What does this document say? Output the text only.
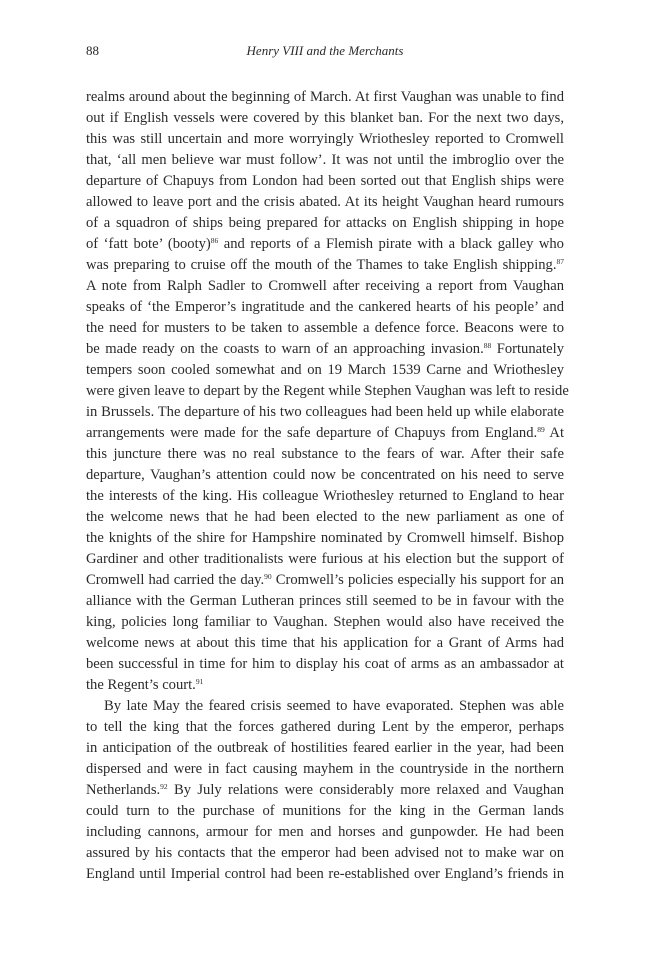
88	Henry VIII and the Merchants
realms around about the beginning of March. At first Vaughan was unable to find
out if English vessels were covered by this blanket ban. For the next two days,
this was still uncertain and more worryingly Wriothesley reported to Cromwell
that, ‘all men believe war must follow’. It was not until the imbroglio over the
departure of Chapuys from London had been sorted out that English ships were
allowed to leave port and the crisis abated. At its height Vaughan heard rumours
of a squadron of ships being prepared for attacks on English shipping in hope
of ‘fatt bote’ (booty)$^{86}$ and reports of a Flemish pirate with a black galley who
was preparing to cruise off the mouth of the Thames to take English shipping.$^{87}$
A note from Ralph Sadler to Cromwell after receiving a report from Vaughan
speaks of ‘the Emperor’s ingratitude and the cankered hearts of his people’ and
the need for musters to be taken to assemble a defence force. Beacons were to
be made ready on the coasts to warn of an approaching invasion.$^{88}$ Fortunately
tempers soon cooled somewhat and on 19 March 1539 Carne and Wriothesley
were given leave to depart by the Regent while Stephen Vaughan was left to reside
in Brussels. The departure of his two colleagues had been held up while elaborate
arrangements were made for the safe departure of Chapuys from England.$^{89}$ At
this juncture there was no real substance to the fears of war. After their safe
departure, Vaughan’s attention could now be concentrated on his need to serve
the interests of the king. His colleague Wriothesley returned to England to hear
the welcome news that he had been elected to the new parliament as one of
the knights of the shire for Hampshire nominated by Cromwell himself. Bishop
Gardiner and other traditionalists were furious at his election but the support of
Cromwell had carried the day.$^{90}$ Cromwell’s policies especially his support for an
alliance with the German Lutheran princes still seemed to be in favour with the
king, policies long familiar to Vaughan. Stephen would also have received the
welcome news at about this time that his application for a Grant of Arms had
been successful in time for him to display his coat of arms as an ambassador at
the Regent’s court.$^{91}$
By late May the feared crisis seemed to have evaporated. Stephen was able
to tell the king that the forces gathered during Lent by the emperor, perhaps
in anticipation of the outbreak of hostilities feared earlier in the year, had been
dispersed and were in fact causing mayhem in the countryside in the northern
Netherlands.$^{92}$ By July relations were considerably more relaxed and Vaughan
could turn to the purchase of munitions for the king in the German lands
including cannons, armour for men and horses and gunpowder. He had been
assured by his contacts that the emperor had been advised not to make war on
England until Imperial control had been re-established over England’s friends in
